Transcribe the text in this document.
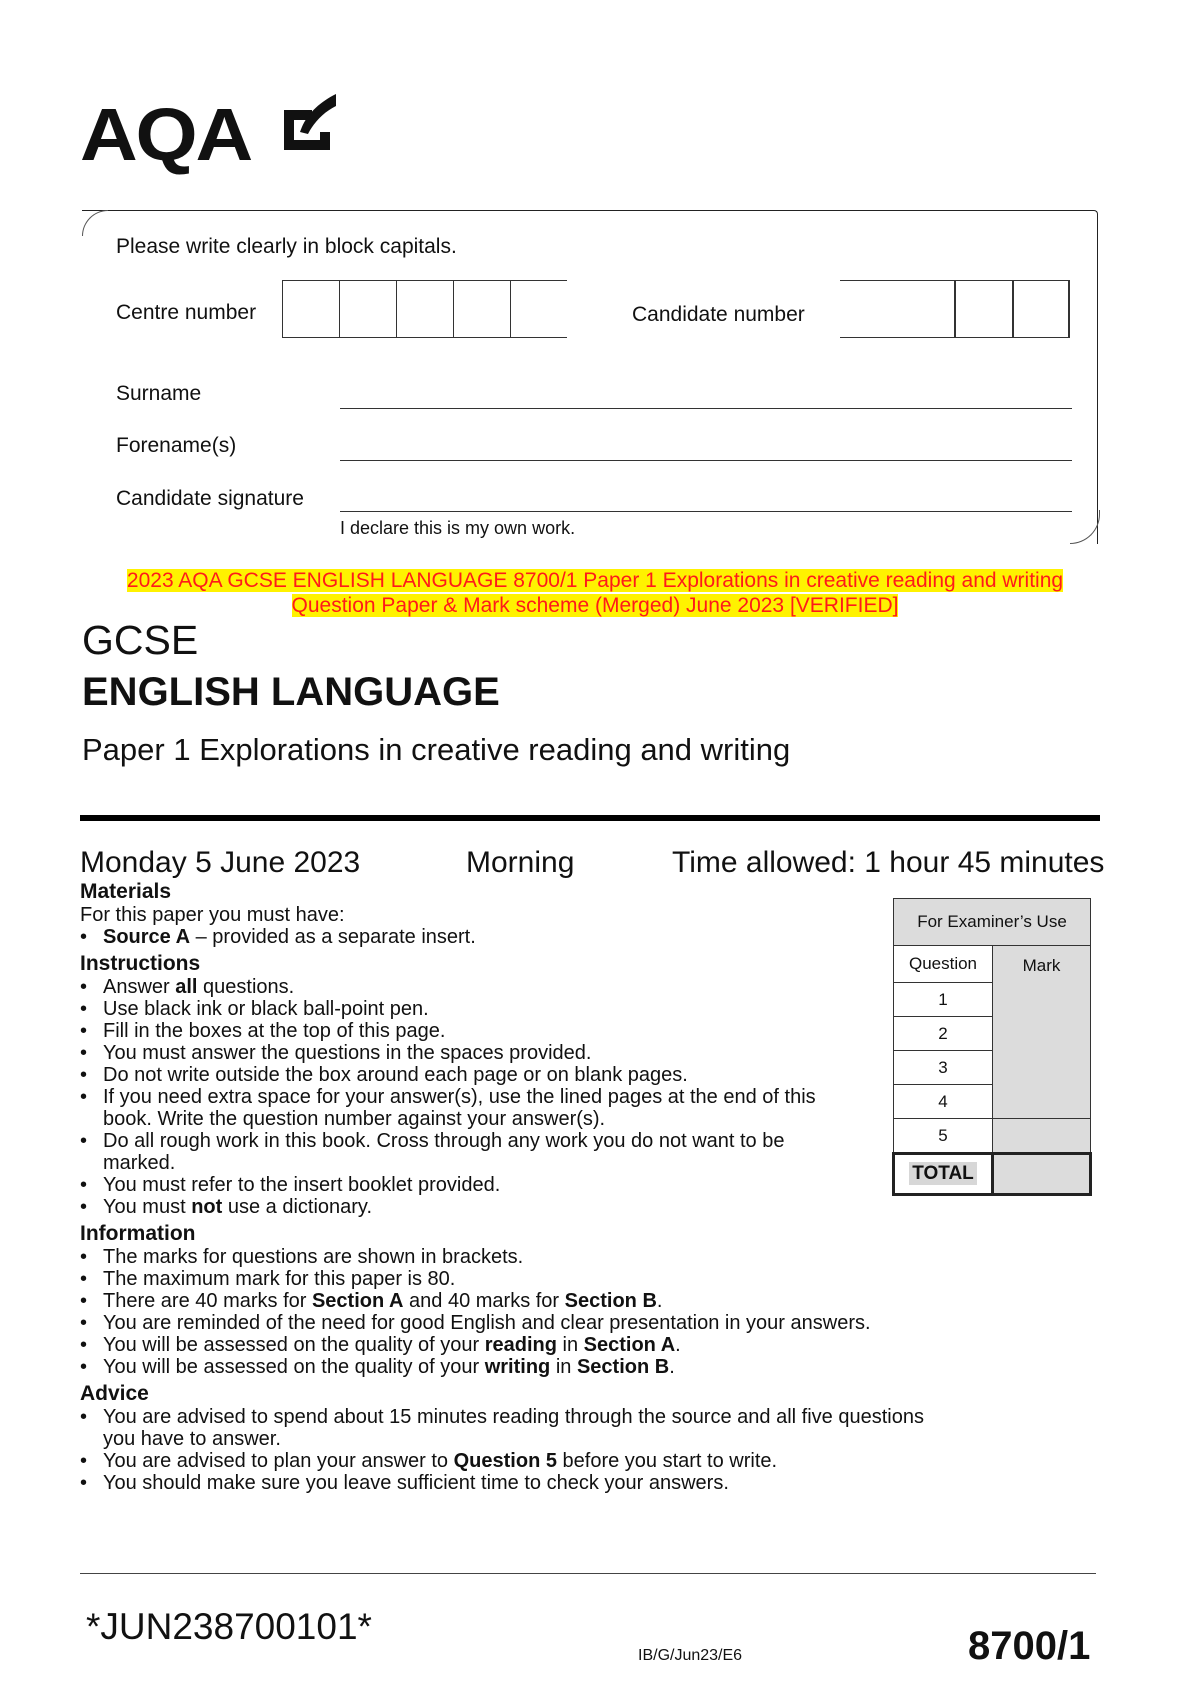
AQA
Please write clearly in block capitals.
Centre number	Candidate number
Surname
Forename(s)
Candidate signature
I declare this is my own work.
2023 AQA GCSE ENGLISH LANGUAGE 8700/1 Paper 1 Explorations in creative reading and writing
Question Paper & Mark scheme (Merged) June 2023 [VERIFIED]
GCSE
ENGLISH LANGUAGE
Paper 1 Explorations in creative reading and writing
Monday 5 June 2023	Morning	Time allowed: 1 hour 45 minutes
Materials

For this paper you must have:

• Source A – provided as a separate insert.
Instructions
• Answer all questions.
• Use black ink or black ball-point pen.
• Fill in the boxes at the top of this page.
• You must answer the questions in the spaces provided.
• Do not write outside the box around each page or on blank pages.
• If you need extra space for your answer(s), use the lined pages at the end of this book. Write the question number against your answer(s).
• Do all rough work in this book. Cross through any work you do not want to be marked.
• You must refer to the insert booklet provided.
• You must not use a dictionary.
Information
• The marks for questions are shown in brackets.
• The maximum mark for this paper is 80.
• There are 40 marks for Section A and 40 marks for Section B.
• You are reminded of the need for good English and clear presentation in your answers.
• You will be assessed on the quality of your reading in Section A.
• You will be assessed on the quality of your writing in Section B.
Advice
• You are advised to spend about 15 minutes reading through the source and all five questions you have to answer.
• You are advised to plan your answer to Question 5 before you start to write.
• You should make sure you leave sufficient time to check your answers.
For Examiner’s Use	
Question	Mark
1	
2	
3	
4	
5	
TOTAL	
*JUN238700101*
IB/G/Jun23/E6	8700/1
